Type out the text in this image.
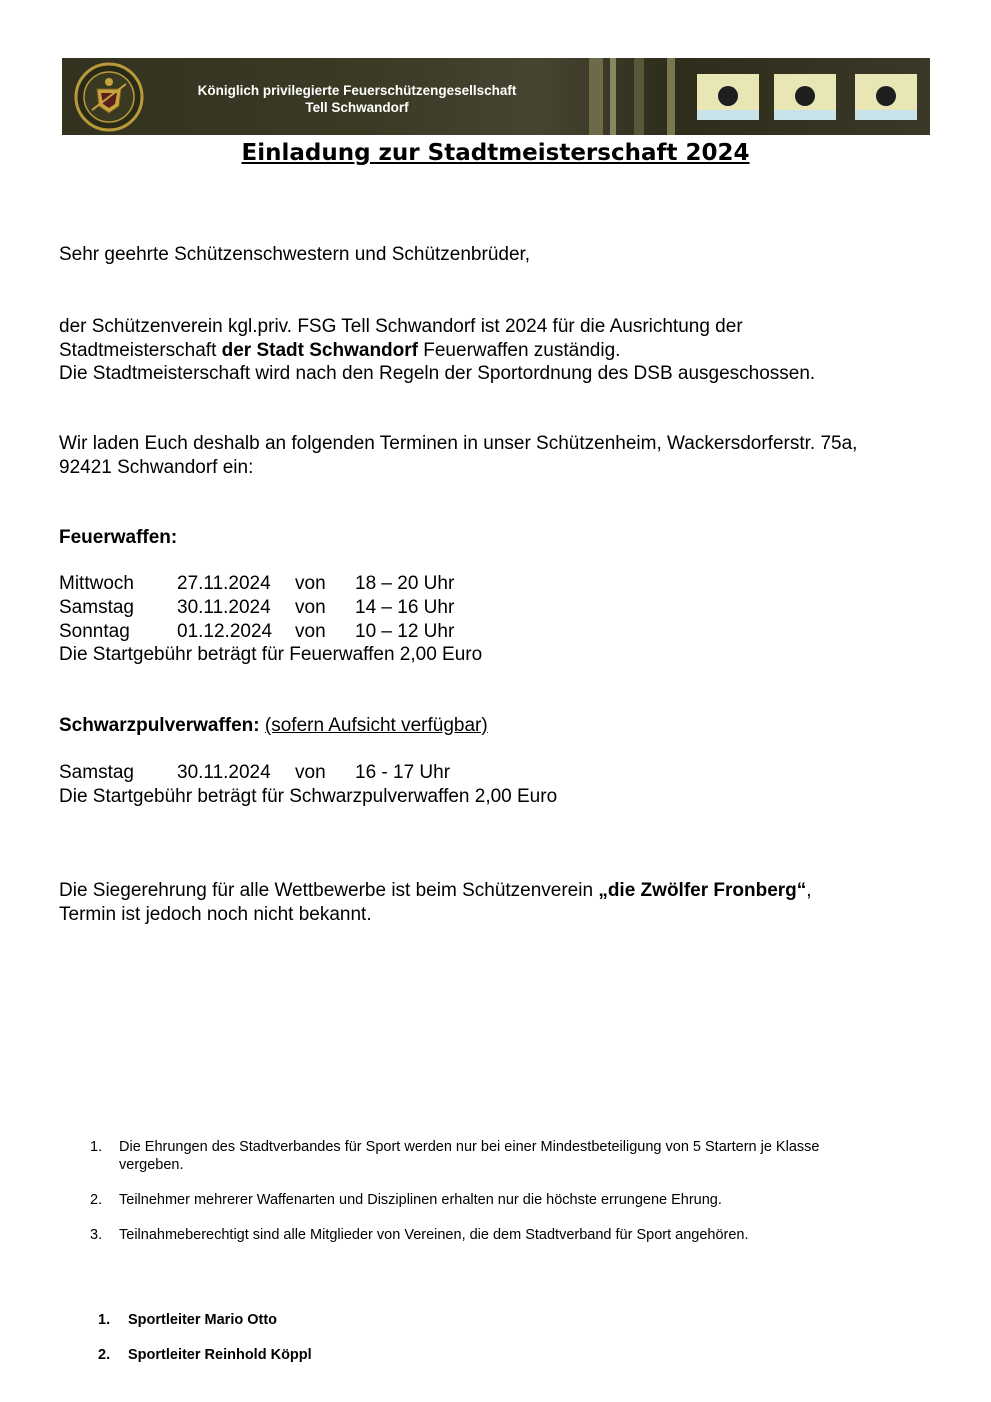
Königlich privilegierte Feuerschützengesellschaft
Tell Schwandorf
Einladung zur Stadtmeisterschaft 2024
Sehr geehrte Schützenschwestern und Schützenbrüder,
der Schützenverein kgl.priv. FSG Tell Schwandorf ist 2024 für die Ausrichtung der
Stadtmeisterschaft der Stadt Schwandorf Feuerwaffen zuständig.
Die Stadtmeisterschaft wird nach den Regeln der Sportordnung des DSB ausgeschossen.
Wir laden Euch deshalb an folgenden Terminen in unser Schützenheim, Wackersdorferstr. 75a,
92421 Schwandorf ein:
Feuerwaffen:
Mittwoch 27.11.2024 von 18 – 20 Uhr
Samstag 30.11.2024 von 14 – 16 Uhr
Sonntag 01.12.2024 von 10 – 12 Uhr
Die Startgebühr beträgt für Feuerwaffen 2,00 Euro
Schwarzpulverwaffen: (sofern Aufsicht verfügbar)
Samstag 30.11.2024 von 16 - 17 Uhr
Die Startgebühr beträgt für Schwarzpulverwaffen 2,00 Euro
Die Siegerehrung für alle Wettbewerbe ist beim Schützenverein „die Zwölfer Fronberg“,
Termin ist jedoch noch nicht bekannt.
1. Die Ehrungen des Stadtverbandes für Sport werden nur bei einer Mindestbeteiligung von 5 Startern je Klasse vergeben.
2. Teilnehmer mehrerer Waffenarten und Disziplinen erhalten nur die höchste errungene Ehrung.
3. Teilnahmeberechtigt sind alle Mitglieder von Vereinen, die dem Stadtverband für Sport angehören.
1. Sportleiter Mario Otto
2. Sportleiter Reinhold Köppl
